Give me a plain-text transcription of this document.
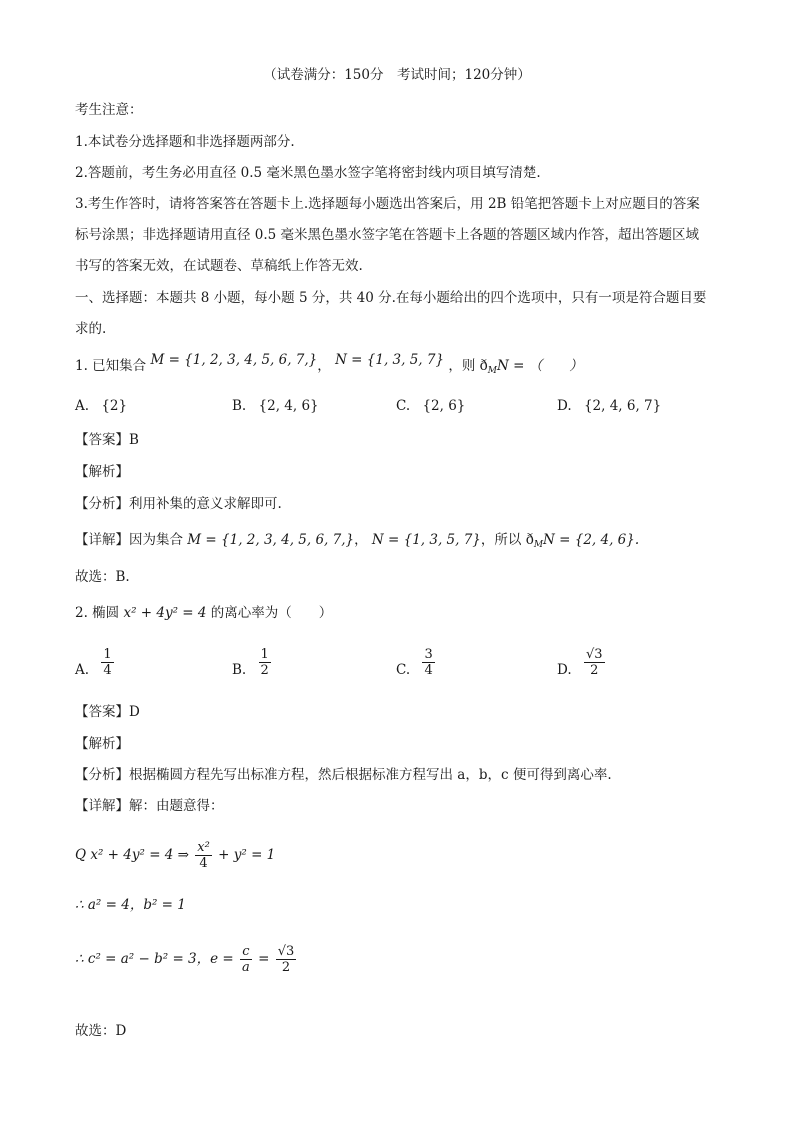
（试卷满分：150分　考试时间；120分钟）
考生注意：
1.本试卷分选择题和非选择题两部分.
2.答题前，考生务必用直径 0.5 毫米黑色墨水签字笔将密封线内项目填写清楚.
3.考生作答时，请将答案答在答题卡上.选择题每小题选出答案后，用 2B 铅笔把答题卡上对应题目的答案
标号涂黑；非选择题请用直径 0.5 毫米黑色墨水签字笔在答题卡上各题的答题区域内作答，超出答题区域
书写的答案无效，在试题卷、草稿纸上作答无效.
一、选择题：本题共 8 小题，每小题 5 分，共 40 分.在每小题给出的四个选项中，只有一项是符合题目要
求的.
1. 已知集合 M = {1, 2, 3, 4, 5, 6, 7,}， N = {1, 3, 5, 7} ，则 $ð_MN$ = （　　）
A. {2}	B. {2, 4, 6}	C. {2, 6}	D. {2, 4, 6, 7}
【答案】B
【解析】
【分析】利用补集的意义求解即可.
【详解】因为集合 M = {1, 2, 3, 4, 5, 6, 7,}， N = {1, 3, 5, 7}，所以 $ð_MN = \{2$, 4, 6}.
故选：B.
2. 椭圆 x² + 4y² = 4 的离心率为（　　）
A. $\frac{1}{4}$	B. $\frac{1}{2}$	C. $\frac{3}{4}$	D. $\frac{√3}{2}$
【答案】D
【解析】
【分析】根据椭圆方程先写出标准方程，然后根据标准方程写出 a，b，c 便可得到离心率.
【详解】解：由题意得：
Q x² + 4y² = 4 ⇒ $\frac{\text{x²}}{4} + y^2 = 1$
∴ a² = 4，b² = 1
∴ c² = a² − b² = 3，$e = \frac{c}{a} = \frac{√3}{2}$
故选：D
